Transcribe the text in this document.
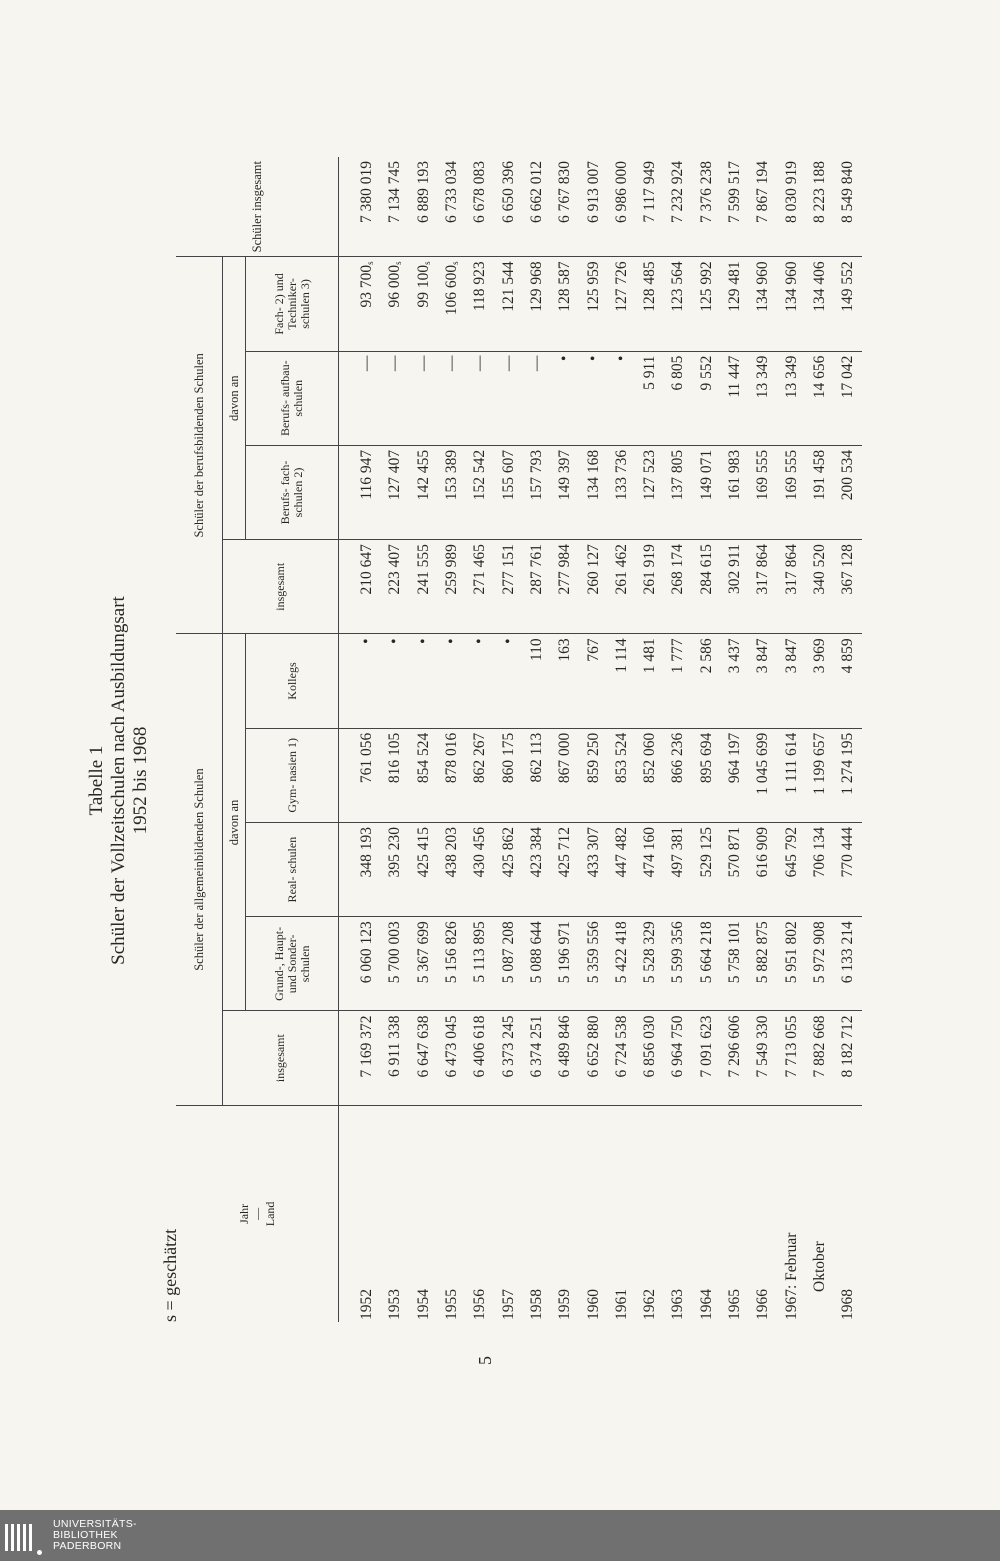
Tabelle 1 Schüler der Vollzeitschulen nach Ausbildungsart 1952 bis 1968
s = geschätzt
5
Jahr
—
Land	Schüler der allgemeinbildenden Schulen					Schüler der berufsbildenden Schulen				Schüler insgesamt
	insgesamt	davon an				insgesamt	davon an			
		Grund-, Haupt- und Sonder- schulen	Real- schulen	Gym- nasien 1)	Kollegs		Berufs- fach- schulen 2)	Berufs- aufbau- schulen	Fach- 2) und Techniker- schulen 3)	
1952	7 169 372	6 060 123	348 193	761 056	•	210 647	116 947	—	93 $700_s$	7 380 019
1953	6 911 338	5 700 003	395 230	816 105	•	223 407	127 407	—	96 $000_s$	7 134 745
1954	6 647 638	5 367 699	425 415	854 524	•	241 555	142 455	—	99 $100_s$	6 889 193
1955	6 473 045	5 156 826	438 203	878 016	•	259 989	153 389	—	106 $600_s$	6 733 034
1956	6 406 618	5 113 895	430 456	862 267	•	271 465	152 542	—	118 923	6 678 083
1957	6 373 245	5 087 208	425 862	860 175	•	277 151	155 607	—	121 544	6 650 396
1958	6 374 251	5 088 644	423 384	862 113	110	287 761	157 793	—	129 968	6 662 012
1959	6 489 846	5 196 971	425 712	867 000	163	277 984	149 397	•	128 587	6 767 830
1960	6 652 880	5 359 556	433 307	859 250	767	260 127	134 168	•	125 959	6 913 007
1961	6 724 538	5 422 418	447 482	853 524	1 114	261 462	133 736	•	127 726	6 986 000
1962	6 856 030	5 528 329	474 160	852 060	1 481	261 919	127 523	5 911	128 485	7 117 949
1963	6 964 750	5 599 356	497 381	866 236	1 777	268 174	137 805	6 805	123 564	7 232 924
1964	7 091 623	5 664 218	529 125	895 694	2 586	284 615	149 071	9 552	125 992	7 376 238
1965	7 296 606	5 758 101	570 871	964 197	3 437	302 911	161 983	11 447	129 481	7 599 517
1966	7 549 330	5 882 875	616 909	1 045 699	3 847	317 864	169 555	13 349	134 960	7 867 194
1967: Februar	7 713 055	5 951 802	645 792	1 111 614	3 847	317 864	169 555	13 349	134 960	8 030 919
Oktober	7 882 668	5 972 908	706 134	1 199 657	3 969	340 520	191 458	14 656	134 406	8 223 188
1968	8 182 712	6 133 214	770 444	1 274 195	4 859	367 128	200 534	17 042	149 552	8 549 840
UNIVERSITÄTS-
BIBLIOTHEK
PADERBORN
